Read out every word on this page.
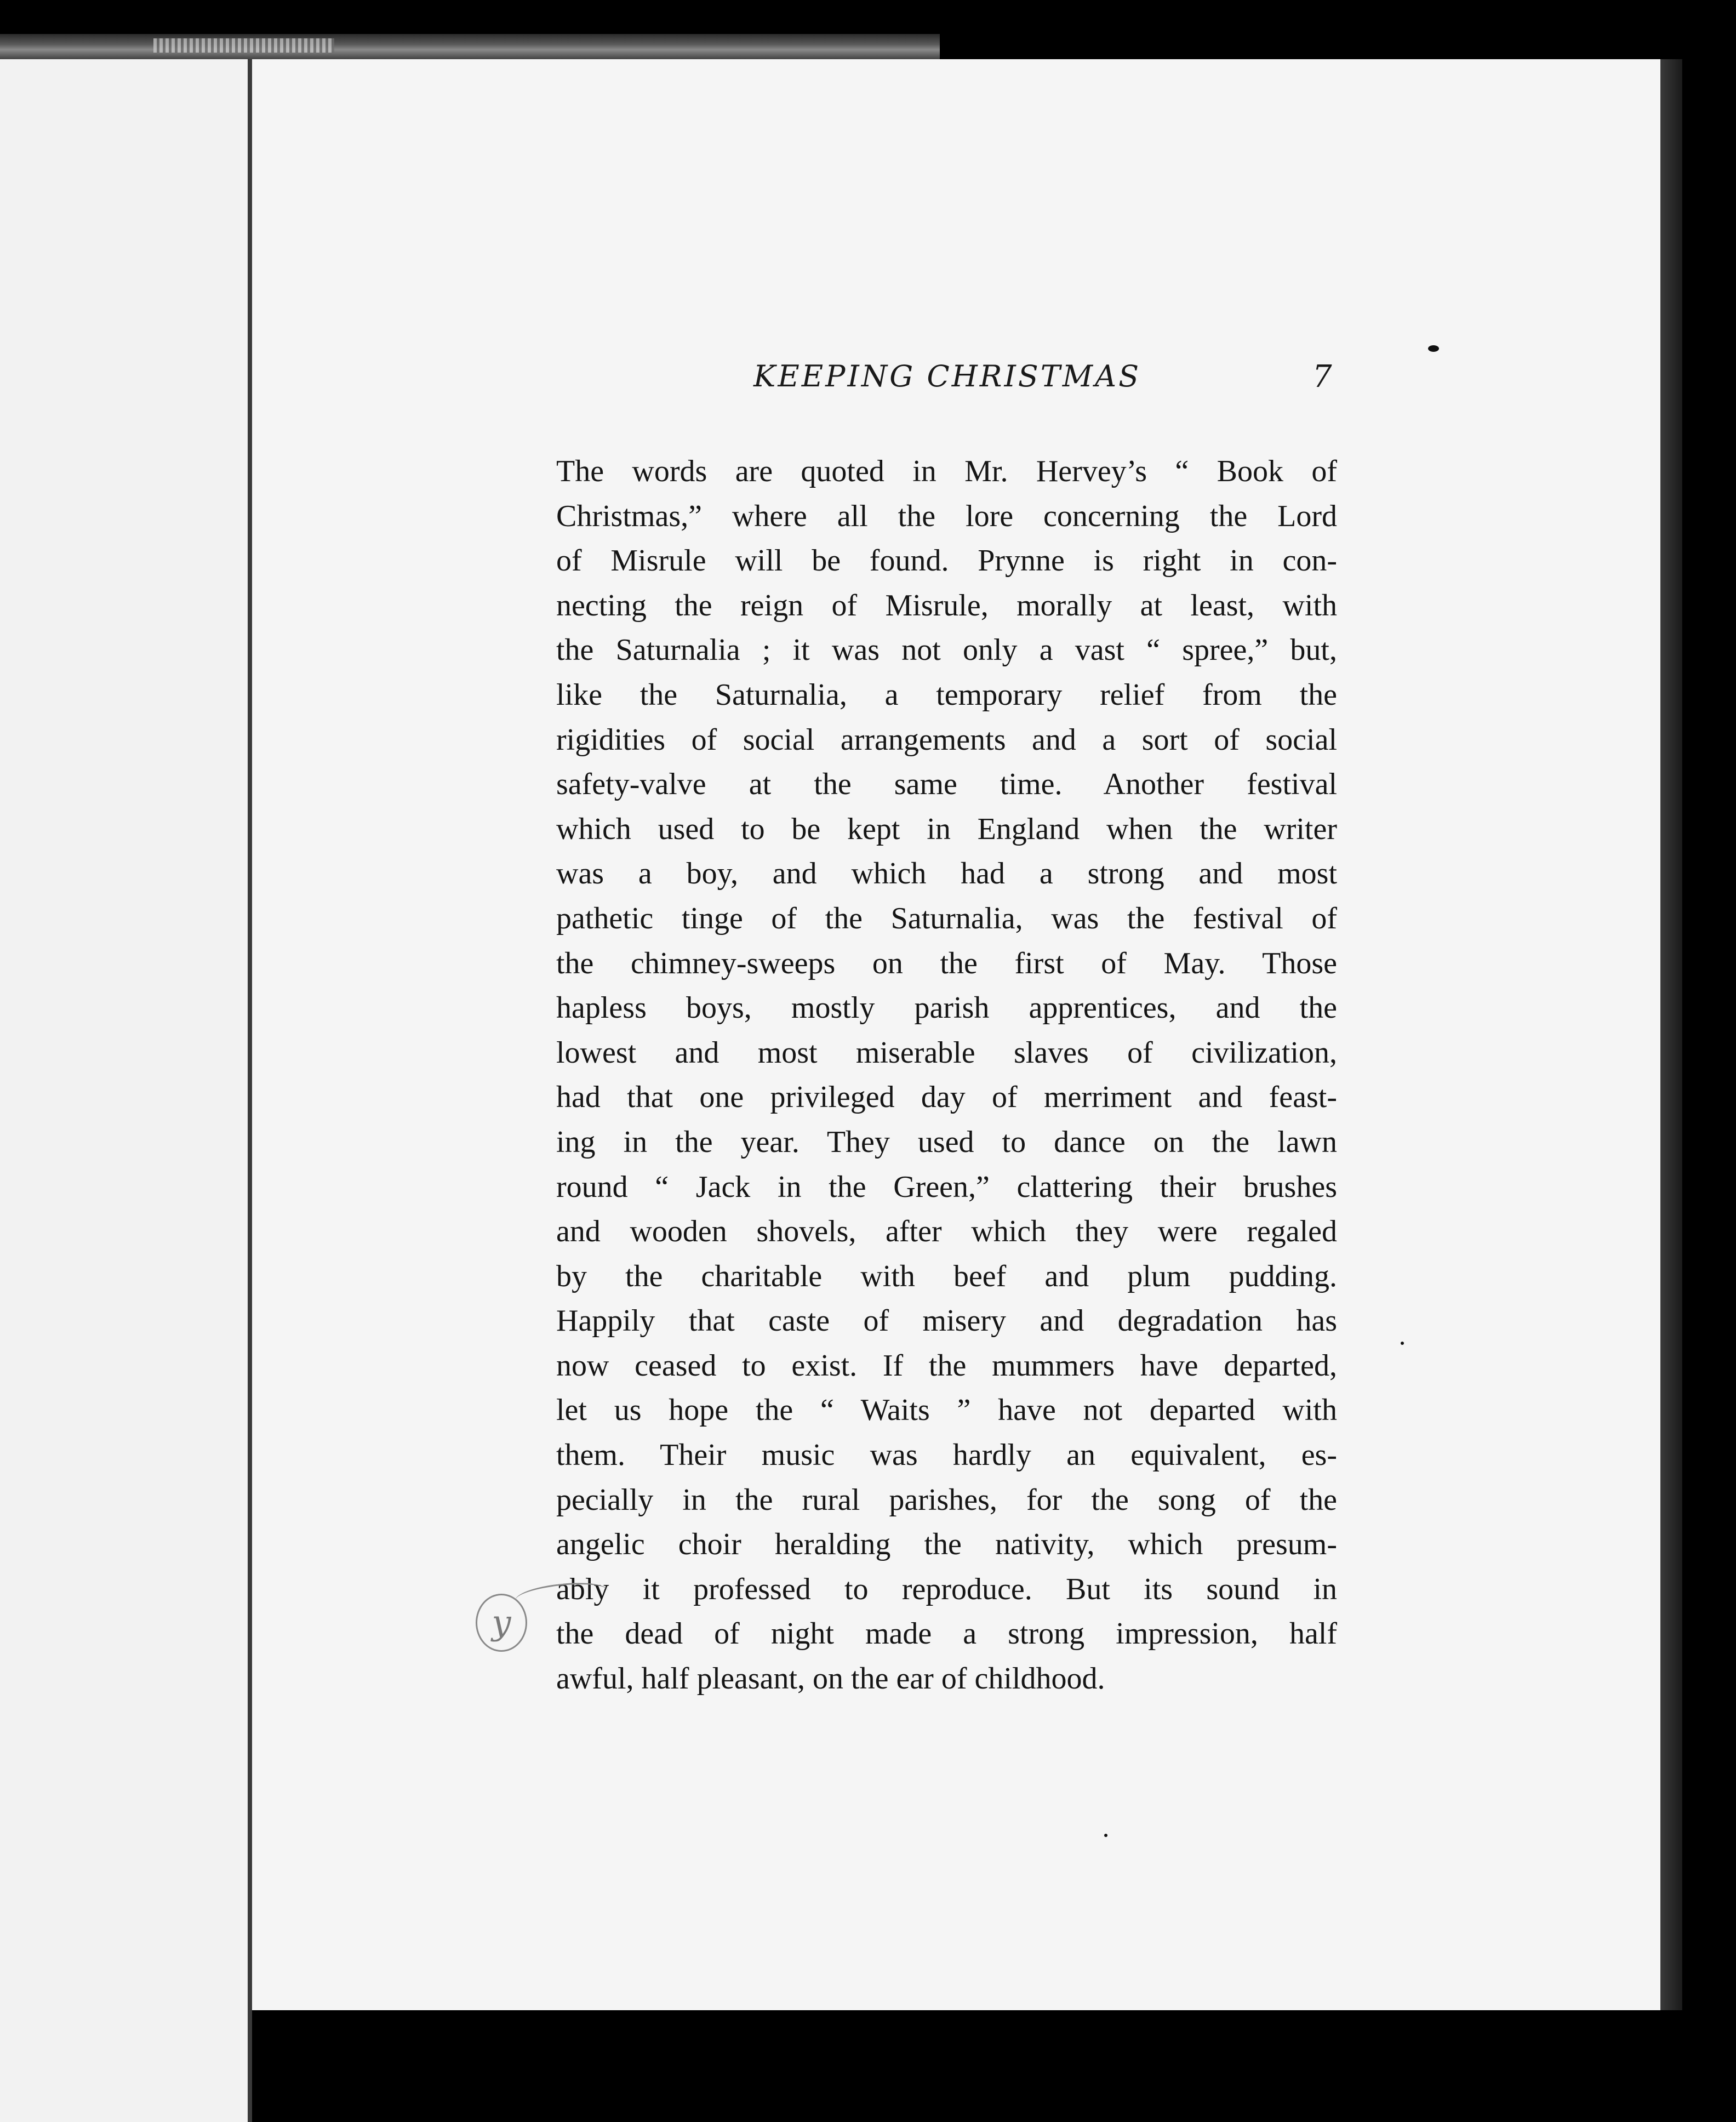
KEEPING CHRISTMAS	7
The words are quoted in Mr. Hervey’s “ Book of
Christmas,” where all the lore concerning the Lord
of Misrule will be found. Prynne is right in con-
necting the reign of Misrule, morally at least, with
the Saturnalia ; it was not only a vast “ spree,” but,
like the Saturnalia, a temporary relief from the
rigidities of social arrangements and a sort of social
safety-valve at the same time. Another festival
which used to be kept in England when the writer
was a boy, and which had a strong and most
pathetic tinge of the Saturnalia, was the festival of
the chimney-sweeps on the first of May. Those
hapless boys, mostly parish apprentices, and the
lowest and most miserable slaves of civilization,
had that one privileged day of merriment and feast-
ing in the year. They used to dance on the lawn
round “ Jack in the Green,” clattering their brushes
and wooden shovels, after which they were regaled
by the charitable with beef and plum pudding.
Happily that caste of misery and degradation has
now ceased to exist. If the mummers have departed,
let us hope the “ Waits ” have not departed with
them. Their music was hardly an equivalent, es-
pecially in the rural parishes, for the song of the
angelic choir heralding the nativity, which presum-
ably it professed to reproduce. But its sound in
the dead of night made a strong impression, half
awful, half pleasant, on the ear of childhood.
y
